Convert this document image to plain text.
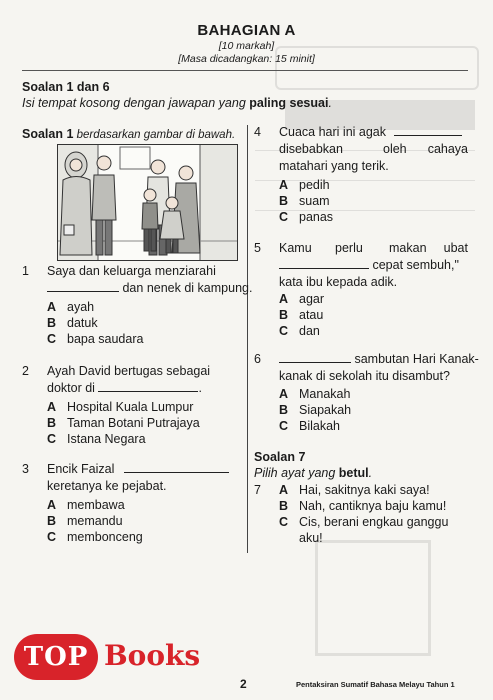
BAHAGIAN A
[10 markah]
[Masa dicadangkan: 15 minit]
Soalan 1 dan 6
Isi tempat kosong dengan jawapan yang paling sesuai.
Soalan 1 berdasarkan gambar di bawah.
1 Saya dan keluarga menziarahi
dan nenek di kampung.
A ayah
B datuk
C bapa saudara
2 Ayah David bertugas sebagai
doktor di	.
A Hospital Kuala Lumpur
B Taman Botani Putrajaya
C Istana Negara
3 Encik Faizal
keretanya ke pejabat.
A membawa
B memandu
C membonceng
4 Cuaca hari ini agak
disebabkan	oleh cahaya
matahari yang terik.
A pedih
B suam
C panas
5 Kamu perlu makan ubat
cepat sembuh,"
kata ibu kepada adik.
A agar
B atau
C dan
6	sambutan Hari Kanak-
kanak di sekolah itu disambut?
A Manakah
B Siapakah
C Bilakah
Soalan 7
Pilih ayat yang betul.
7 A Hai, sakitnya kaki saya!
B Nah, cantiknya baju kamu!
C Cis, berani engkau ganggu
aku!
2	Pentaksiran Sumatif Bahasa Melayu Tahun 1
TOP Books
